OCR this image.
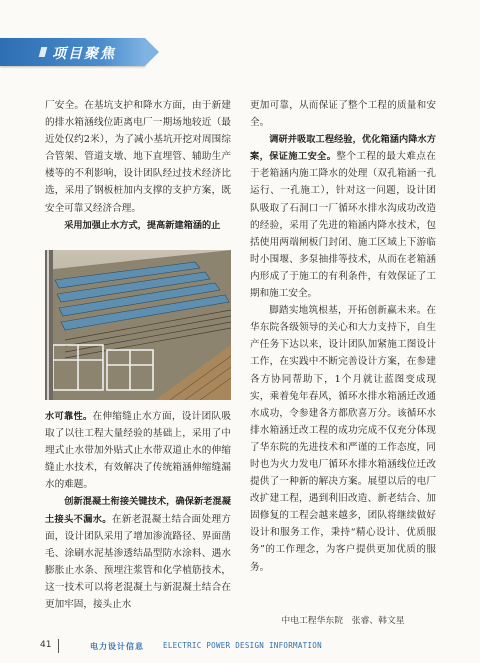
项目聚焦

厂安全。在基坑支护和降水方面，由于新建的排水箱涵线位距离电厂一期场地较近（最近处仅约2米），为了减小基坑开挖对周围综合管架、管道支墩、地下直埋管、辅助生产楼等的不利影响，设计团队经过技术经济比选，采用了钢板桩加内支撑的支护方案，既安全可靠又经济合理。

采用加强止水方式，提高新建箱涵的止

水可靠性。在伸缩缝止水方面，设计团队吸取了以往工程大量经验的基础上，采用了中埋式止水带加外贴式止水带双道止水的伸缩缝止水技术，有效解决了传统箱涵伸缩缝漏水的难题。

创新混凝土衔接关键技术，确保新老混凝土接头不漏水。在新老混凝土结合面处理方面，设计团队采用了增加渗流路径、界面凿毛、涂刷水泥基渗透结晶型防水涂料、遇水膨胀止水条、预埋注浆管和化学植筋技术，这一技术可以将老混凝土与新混凝土结合在更加牢固，接头止水

更加可靠，从而保证了整个工程的质量和安全。

调研并吸取工程经验，优化箱涵内降水方案，保证施工安全。整个工程的最大难点在于老箱涵内施工降水的处理（双孔箱涵一孔运行、一孔施工），针对这一问题，设计团队吸取了石洞口一厂循环水排水沟成功改造的经验，采用了先进的箱涵内降水技术，包括使用两端闸板门封闭、施工区域上下游临时小围堰、多泵抽排等技术，从而在老箱涵内形成了于施工的有利条件，有效保证了工期和施工安全。

脚踏实地筑根基，开拓创新赢未来。在华东院各级领导的关心和大力支持下，自生产任务下达以来，设计团队加紧施工图设计工作，在实践中不断完善设计方案，在参建各方协同帮助下，1个月就让蓝图变成现实，乘着兔年春风，循环水排水箱涵迁改通水成功，令参建各方都欣喜万分。该循环水排水箱涵迁改工程的成功完成不仅充分体现了华东院的先进技术和严谨的工作态度，同时也为火力发电厂循环水排水箱涵线位迁改提供了一种新的解决方案。展望以后的电厂改扩建工程，遇到利旧改造、新老结合、加固修复的工程会越来越多，团队将继续做好设计和服务工作，秉持“精心设计、优质服务”的工作理念，为客户提供更加优质的服务。

中电工程华东院　张睿、韩文星
41	电力设计信息	ELECTRIC POWER DESIGN INFORMATION
